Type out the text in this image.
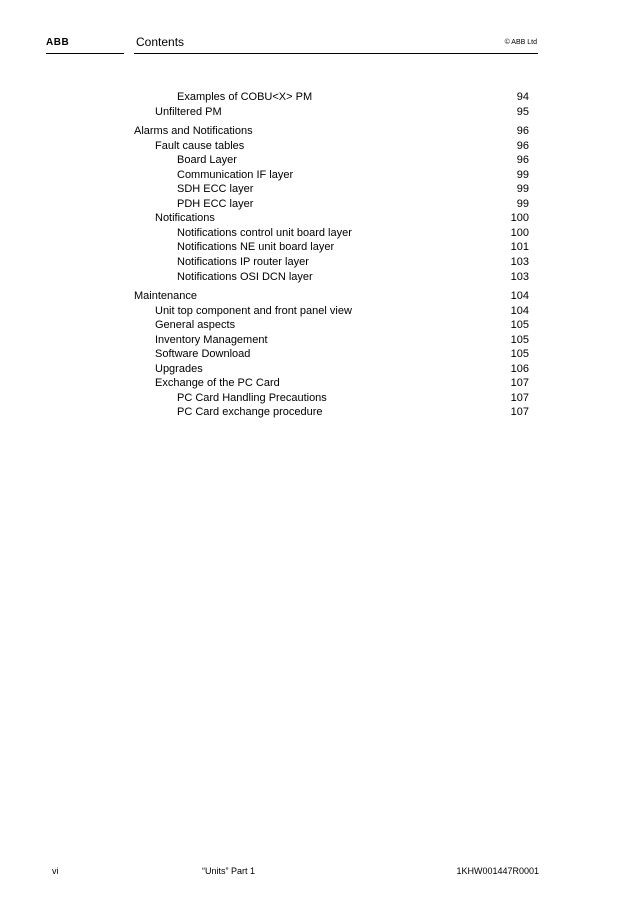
ABB	Contents	© ABB Ltd
Examples of COBU<X> PM	94
Unfiltered PM	95
Alarms and Notifications	96
Fault cause tables	96
Board Layer	96
Communication IF layer	99
SDH ECC layer	99
PDH ECC layer	99
Notifications	100
Notifications control unit board layer	100
Notifications NE unit board layer	101
Notifications IP router layer	103
Notifications OSI DCN layer	103
Maintenance	104
Unit top component and front panel view	104
General aspects	105
Inventory Management	105
Software Download	105
Upgrades	106
Exchange of the PC Card	107
PC Card Handling Precautions	107
PC Card exchange procedure	107
vi	“Units” Part 1	1KHW001447R0001
